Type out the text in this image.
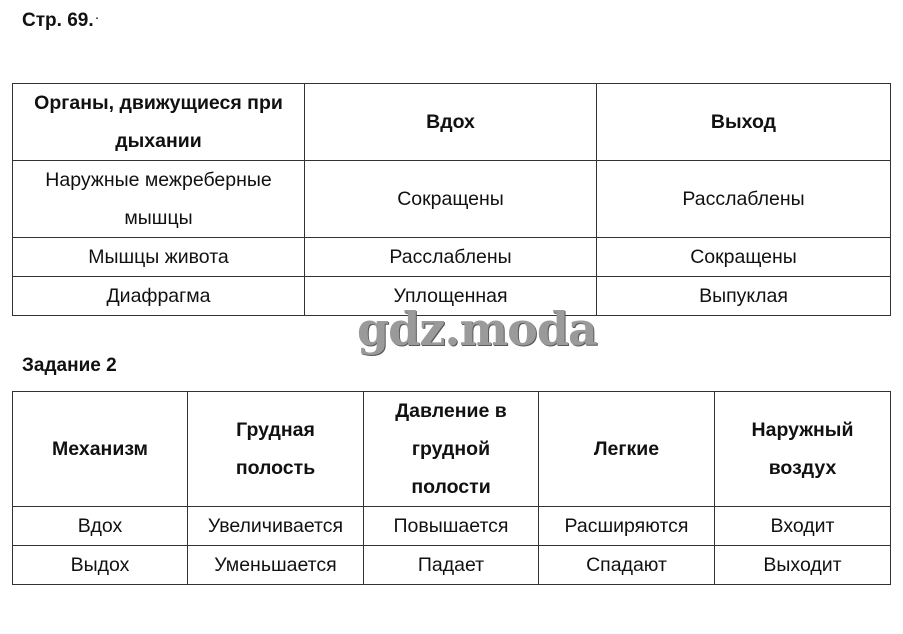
Стр. 69. .
Органы, движущиеся при дыхании	Вдох	Выход
Наружные межреберные мышцы	Сокращены	Расслаблены
Мышцы живота	Расслаблены	Сокращены
Диафрагма	Уплощенная	Выпуклая
gdz.moda
Задание 2
Механизм	Грудная полость	Давление в грудной полости	Легкие	Наружный воздух
Вдох	Увеличивается	Повышается	Расширяются	Входит
Выдох	Уменьшается	Падает	Спадают	Выходит
